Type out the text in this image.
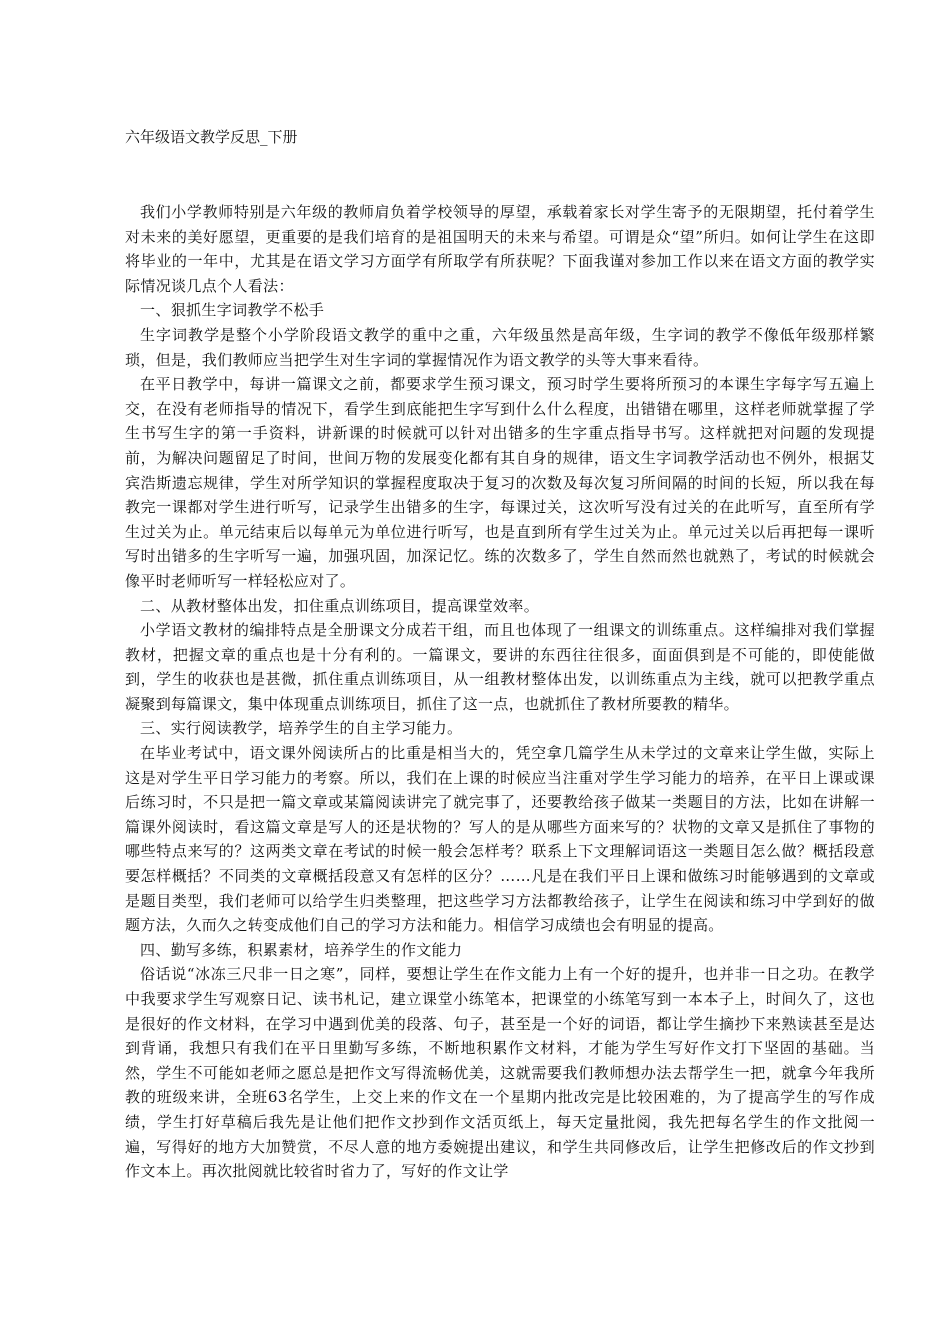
六年级语文教学反思_下册

我们小学教师特别是六年级的教师肩负着学校领导的厚望，承载着家长对学生寄予的无限期望，托付着学生对未来的美好愿望，更重要的是我们培育的是祖国明天的未来与希望。可谓是众“望”所归。如何让学生在这即将毕业的一年中，尤其是在语文学习方面学有所取学有所获呢？下面我谨对参加工作以来在语文方面的教学实际情况谈几点个人看法：

一、狠抓生字词教学不松手

生字词教学是整个小学阶段语文教学的重中之重，六年级虽然是高年级，生字词的教学不像低年级那样繁琐，但是，我们教师应当把学生对生字词的掌握情况作为语文教学的头等大事来看待。

在平日教学中，每讲一篇课文之前，都要求学生预习课文，预习时学生要将所预习的本课生字每字写五遍上交，在没有老师指导的情况下，看学生到底能把生字写到什么什么程度，出错错在哪里，这样老师就掌握了学生书写生字的第一手资料，讲新课的时候就可以针对出错多的生字重点指导书写。这样就把对问题的发现提前，为解决问题留足了时间，世间万物的发展变化都有其自身的规律，语文生字词教学活动也不例外，根据艾宾浩斯遗忘规律，学生对所学知识的掌握程度取决于复习的次数及每次复习所间隔的时间的长短，所以我在每教完一课都对学生进行听写，记录学生出错多的生字，每课过关，这次听写没有过关的在此听写，直至所有学生过关为止。单元结束后以每单元为单位进行听写，也是直到所有学生过关为止。单元过关以后再把每一课听写时出错多的生字听写一遍，加强巩固，加深记忆。练的次数多了，学生自然而然也就熟了，考试的时候就会像平时老师听写一样轻松应对了。

二、从教材整体出发，扣住重点训练项目，提高课堂效率。

小学语文教材的编排特点是全册课文分成若干组，而且也体现了一组课文的训练重点。这样编排对我们掌握教材，把握文章的重点也是十分有利的。一篇课文，要讲的东西往往很多，面面俱到是不可能的，即使能做到，学生的收获也是甚微，抓住重点训练项目，从一组教材整体出发，以训练重点为主线，就可以把教学重点凝聚到每篇课文，集中体现重点训练项目，抓住了这一点，也就抓住了教材所要教的精华。

三、实行阅读教学，培养学生的自主学习能力。

在毕业考试中，语文课外阅读所占的比重是相当大的，凭空拿几篇学生从未学过的文章来让学生做，实际上这是对学生平日学习能力的考察。所以，我们在上课的时候应当注重对学生学习能力的培养，在平日上课或课后练习时，不只是把一篇文章或某篇阅读讲完了就完事了，还要教给孩子做某一类题目的方法，比如在讲解一篇课外阅读时，看这篇文章是写人的还是状物的？写人的是从哪些方面来写的？状物的文章又是抓住了事物的哪些特点来写的？这两类文章在考试的时候一般会怎样考？联系上下文理解词语这一类题目怎么做？概括段意要怎样概括？不同类的文章概括段意又有怎样的区分？……凡是在我们平日上课和做练习时能够遇到的文章或是题目类型，我们老师可以给学生归类整理，把这些学习方法都教给孩子，让学生在阅读和练习中学到好的做题方法，久而久之转变成他们自己的学习方法和能力。相信学习成绩也会有明显的提高。

四、勤写多练，积累素材，培养学生的作文能力

俗话说“冰冻三尺非一日之寒”，同样，要想让学生在作文能力上有一个好的提升，也并非一日之功。在教学中我要求学生写观察日记、读书札记，建立课堂小练笔本，把课堂的小练笔写到一本本子上，时间久了，这也是很好的作文材料，在学习中遇到优美的段落、句子，甚至是一个好的词语，都让学生摘抄下来熟读甚至是达到背诵，我想只有我们在平日里勤写多练，不断地积累作文材料，才能为学生写好作文打下坚固的基础。当然，学生不可能如老师之愿总是把作文写得流畅优美，这就需要我们教师想办法去帮学生一把，就拿今年我所教的班级来讲，全班63名学生，上交上来的作文在一个星期内批改完是比较困难的，为了提高学生的写作成绩，学生打好草稿后我先是让他们把作文抄到作文活页纸上，每天定量批阅，我先把每名学生的作文批阅一遍，写得好的地方大加赞赏，不尽人意的地方委婉提出建议，和学生共同修改后，让学生把修改后的作文抄到作文本上。再次批阅就比较省时省力了，写好的作文让学
